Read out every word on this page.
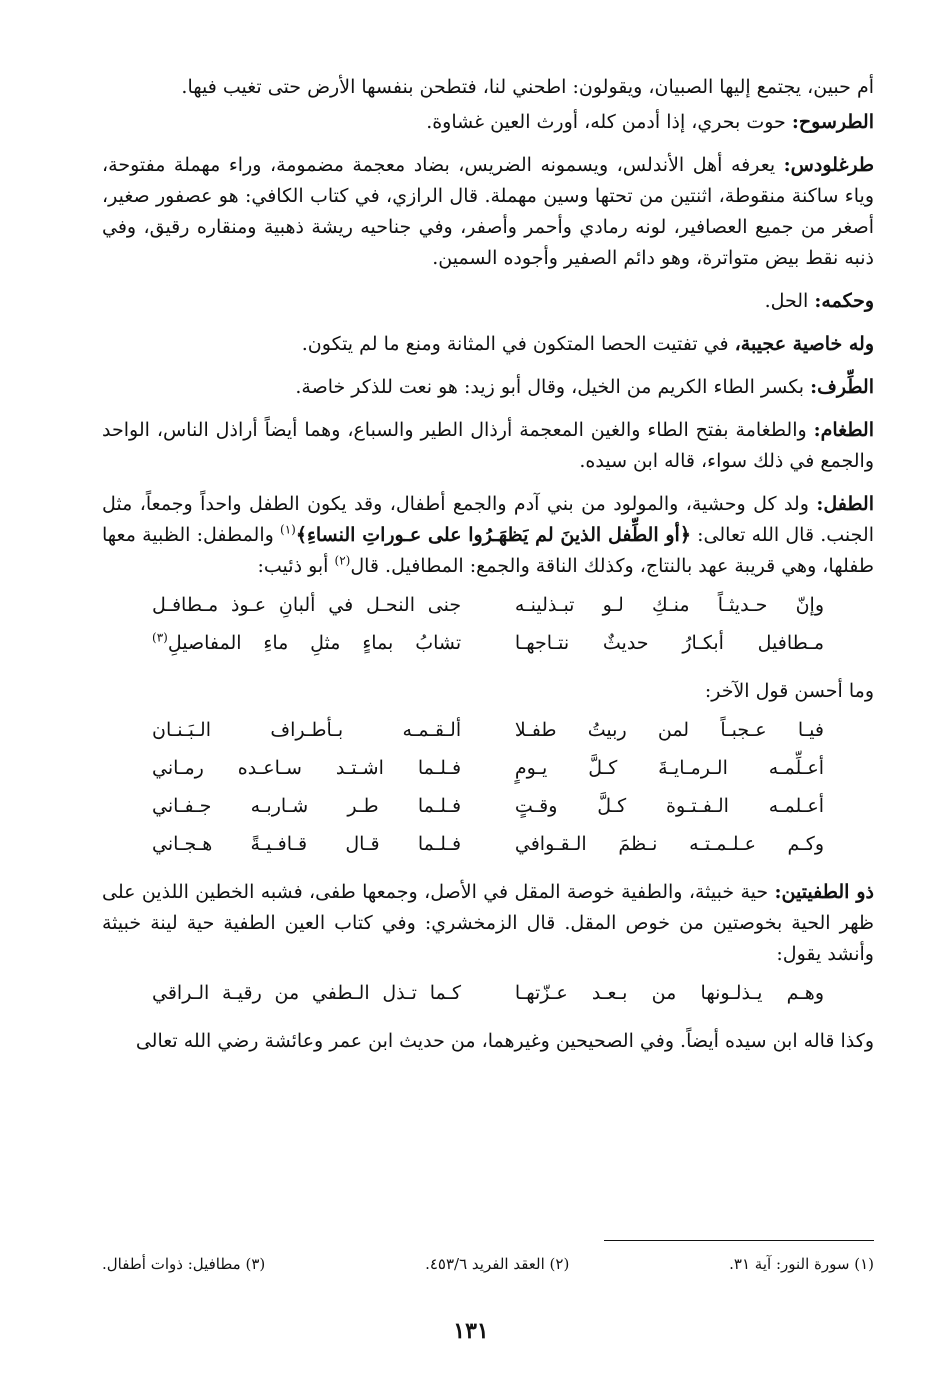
أم حبين، يجتمع إليها الصبيان، ويقولون: اطحني لنا، فتطحن بنفسها الأرض حتى تغيب فيها.

الطرسوح: حوت بحري، إذا أدمن كله، أورث العين غشاوة.

طرغلودس: يعرفه أهل الأندلس، ويسمونه الضريس، بضاد معجمة مضمومة، وراء مهملة مفتوحة، وياء ساكنة منقوطة، اثنتين من تحتها وسين مهملة. قال الرازي، في كتاب الكافي: هو عصفور صغير، أصغر من جميع العصافير، لونه رمادي وأحمر وأصفر، وفي جناحيه ريشة ذهبية ومنقاره رقيق، وفي ذنبه نقط بيض متواترة، وهو دائم الصفير وأجوده السمين.

وحكمه: الحل.

وله خاصية عجيبة، في تفتيت الحصا المتكون في المثانة ومنع ما لم يتكون.

الطِّرف: بكسر الطاء الكريم من الخيل، وقال أبو زيد: هو نعت للذكر خاصة.

الطغام: والطغامة بفتح الطاء والغين المعجمة أرذال الطير والسباع، وهما أيضاً أراذل الناس، الواحد والجمع في ذلك سواء، قاله ابن سيده.

الطفل: ولد كل وحشية، والمولود من بني آدم والجمع أطفال، وقد يكون الطفل واحداً وجمعاً، مثل الجنب. قال الله تعالى: ﴿أو الطِّفل الذينَ لم يَظهَـرُوا على عـوراتِ النساءِ﴾$^{(١)}$ والمطفل: الظبية معها طفلها، وهي قريبة عهد بالنتاج، وكذلك الناقة والجمع: المطافيل. قال$^{(٢)}$ أبو ذئيب:

وإنّ حـديثـاً منـكِ لـو تبـذلينـه
جنى النحـل في ألبانِ عـوذ مـطافـل
مـطافيل أبكـارُ حديثٌ نتـاجهـا
تشابُ بماءٍ مثلِ ماءِ المفاصيلِ$^{(٣)}$

وما أحسن قول الآخر:

فيـا عـجبـاً لمن ربيتُ طفـلا
ألـقـمـه بـأطـراف الـبَـنـان
أعـلِّمـه الـرمـايـةَ كـلَّ يـومٍ
فـلـما اشـتـد سـاعـده رمـاني
أعـلمـه الـفـتـوة كـلَّ وقـتٍ
فـلـما طـر شـاربـه جـفـاني
وكـم عـلـمـتـه نـظمَ الـقـوافي
فـلـما قـال قـافـيـةً هـجـاني

ذو الطفيتين: حية خبيثة، والطفية خوصة المقل في الأصل، وجمعها طفى، فشبه الخطين اللذين على ظهر الحية بخوصتين من خوص المقل. قال الزمخشري: وفي كتاب العين الطفية حية لينة خبيثة وأنشد يقول:

وهـم يـذلـونها من بـعـد عـزّتهـا
كـما تـذل الـطفي من رقيـة الـراقي

وكذا قاله ابن سيده أيضاً. وفي الصحيحين وغيرهما، من حديث ابن عمر وعائشة رضي الله تعالى

(١) سورة النور: آية ٣١.
(٢) العقد الفريد ٤٥٣/٦.
(٣) مطافيل: ذوات أطفال.
١٣١
